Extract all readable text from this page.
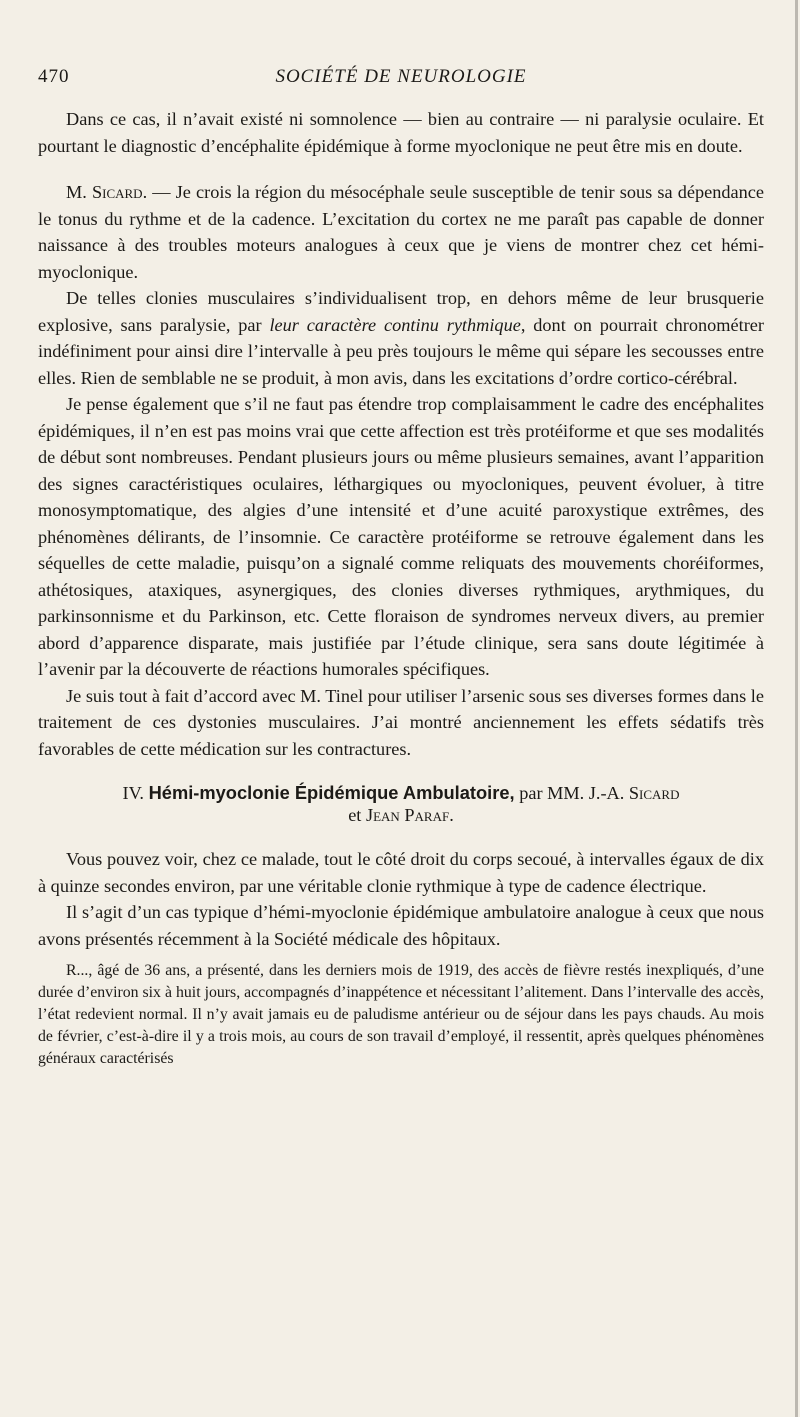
470	SOCIÉTÉ DE NEUROLOGIE

Dans ce cas, il n’avait existé ni somnolence — bien au contraire — ni paralysie oculaire. Et pourtant le diagnostic d’encéphalite épidémique à forme myoclonique ne peut être mis en doute.

M. Sicard. — Je crois la région du mésocéphale seule susceptible de tenir sous sa dépendance le tonus du rythme et de la cadence. L’excitation du cortex ne me paraît pas capable de donner naissance à des troubles moteurs analogues à ceux que je viens de montrer chez cet hémi-myoclonique.

De telles clonies musculaires s’individualisent trop, en dehors même de leur brusquerie explosive, sans paralysie, par leur caractère continu rythmique, dont on pourrait chronométrer indéfiniment pour ainsi dire l’intervalle à peu près toujours le même qui sépare les secousses entre elles. Rien de semblable ne se produit, à mon avis, dans les excitations d’ordre cortico-cérébral.

Je pense également que s’il ne faut pas étendre trop complaisamment le cadre des encéphalites épidémiques, il n’en est pas moins vrai que cette affection est très protéiforme et que ses modalités de début sont nombreuses. Pendant plusieurs jours ou même plusieurs semaines, avant l’apparition des signes caractéristiques oculaires, léthargiques ou myocloniques, peuvent évoluer, à titre monosymptomatique, des algies d’une intensité et d’une acuité paroxystique extrêmes, des phénomènes délirants, de l’insomnie. Ce caractère protéiforme se retrouve également dans les séquelles de cette maladie, puisqu’on a signalé comme reliquats des mouvements choréiformes, athétosiques, ataxiques, asynergiques, des clonies diverses rythmiques, arythmiques, du parkinsonnisme et du Parkinson, etc. Cette floraison de syndromes nerveux divers, au premier abord d’apparence disparate, mais justifiée par l’étude clinique, sera sans doute légitimée à l’avenir par la découverte de réactions humorales spécifiques.

Je suis tout à fait d’accord avec M. Tinel pour utiliser l’arsenic sous ses diverses formes dans le traitement de ces dystonies musculaires. J’ai montré anciennement les effets sédatifs très favorables de cette médication sur les contractures.

IV. Hémi-myoclonie Épidémique Ambulatoire, par MM. J.-A. Sicard
et Jean Paraf.

Vous pouvez voir, chez ce malade, tout le côté droit du corps secoué, à intervalles égaux de dix à quinze secondes environ, par une véritable clonie rythmique à type de cadence électrique.

Il s’agit d’un cas typique d’hémi-myoclonie épidémique ambulatoire analogue à ceux que nous avons présentés récemment à la Société médicale des hôpitaux.

R..., âgé de 36 ans, a présenté, dans les derniers mois de 1919, des accès de fièvre restés inexpliqués, d’une durée d’environ six à huit jours, accompagnés d’inappétence et nécessitant l’alitement. Dans l’intervalle des accès, l’état redevient normal. Il n’y avait jamais eu de paludisme antérieur ou de séjour dans les pays chauds. Au mois de février, c’est-à-dire il y a trois mois, au cours de son travail d’employé, il ressentit, après quelques phénomènes généraux caractérisés
